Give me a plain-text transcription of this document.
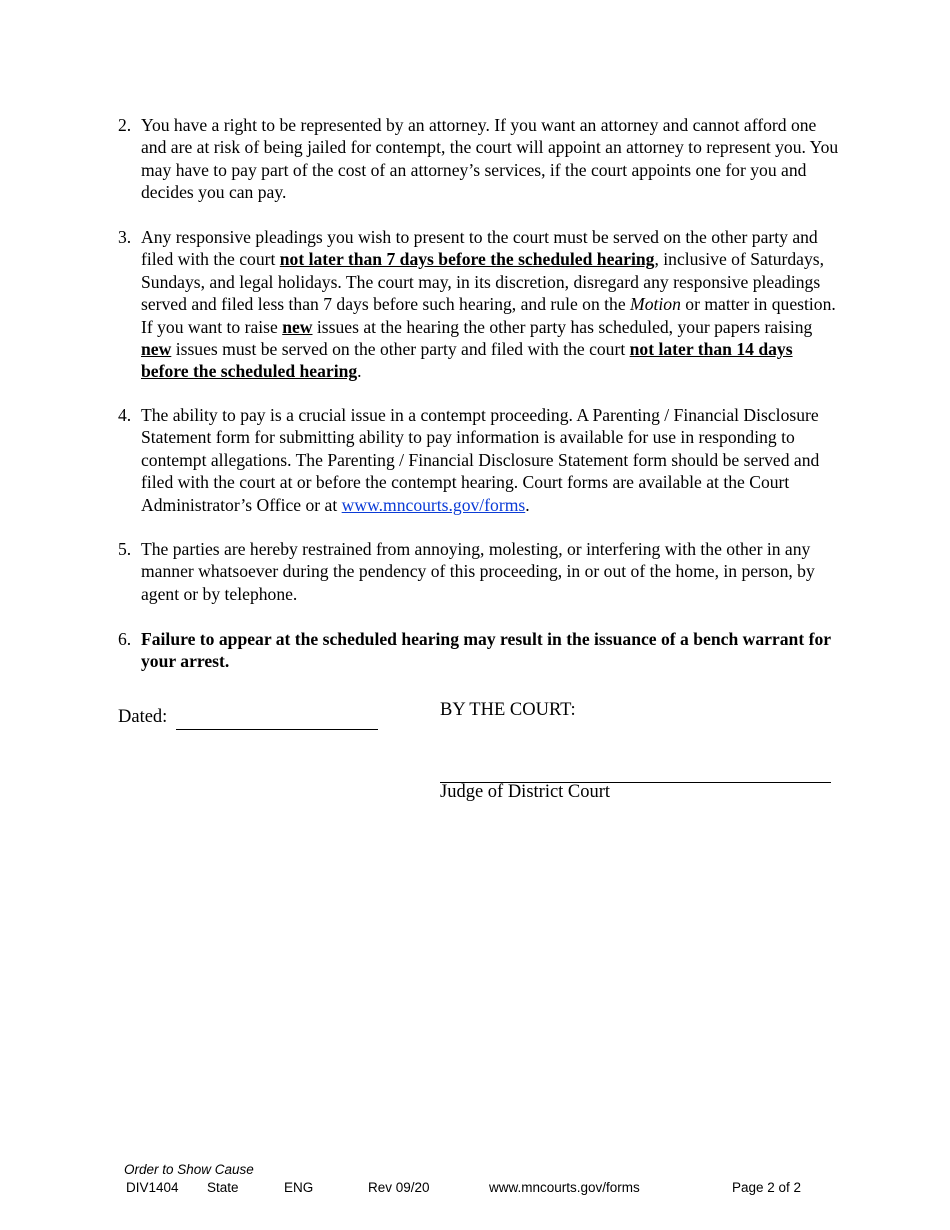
2. You have a right to be represented by an attorney. If you want an attorney and cannot afford one and are at risk of being jailed for contempt, the court will appoint an attorney to represent you. You may have to pay part of the cost of an attorney’s services, if the court appoints one for you and decides you can pay.
3. Any responsive pleadings you wish to present to the court must be served on the other party and filed with the court not later than 7 days before the scheduled hearing, inclusive of Saturdays, Sundays, and legal holidays. The court may, in its discretion, disregard any responsive pleadings served and filed less than 7 days before such hearing, and rule on the Motion or matter in question. If you want to raise new issues at the hearing the other party has scheduled, your papers raising new issues must be served on the other party and filed with the court not later than 14 days before the scheduled hearing.
4. The ability to pay is a crucial issue in a contempt proceeding. A Parenting / Financial Disclosure Statement form for submitting ability to pay information is available for use in responding to contempt allegations. The Parenting / Financial Disclosure Statement form should be served and filed with the court at or before the contempt hearing. Court forms are available at the Court Administrator’s Office or at www.mncourts.gov/forms.
5. The parties are hereby restrained from annoying, molesting, or interfering with the other in any manner whatsoever during the pendency of this proceeding, in or out of the home, in person, by agent or by telephone.
6. Failure to appear at the scheduled hearing may result in the issuance of a bench warrant for your arrest.
Dated:	BY THE COURT:
Judge of District Court
Order to Show Cause
DIV1404 State	ENG	Rev 09/20	www.mncourts.gov/forms	Page 2 of 2
